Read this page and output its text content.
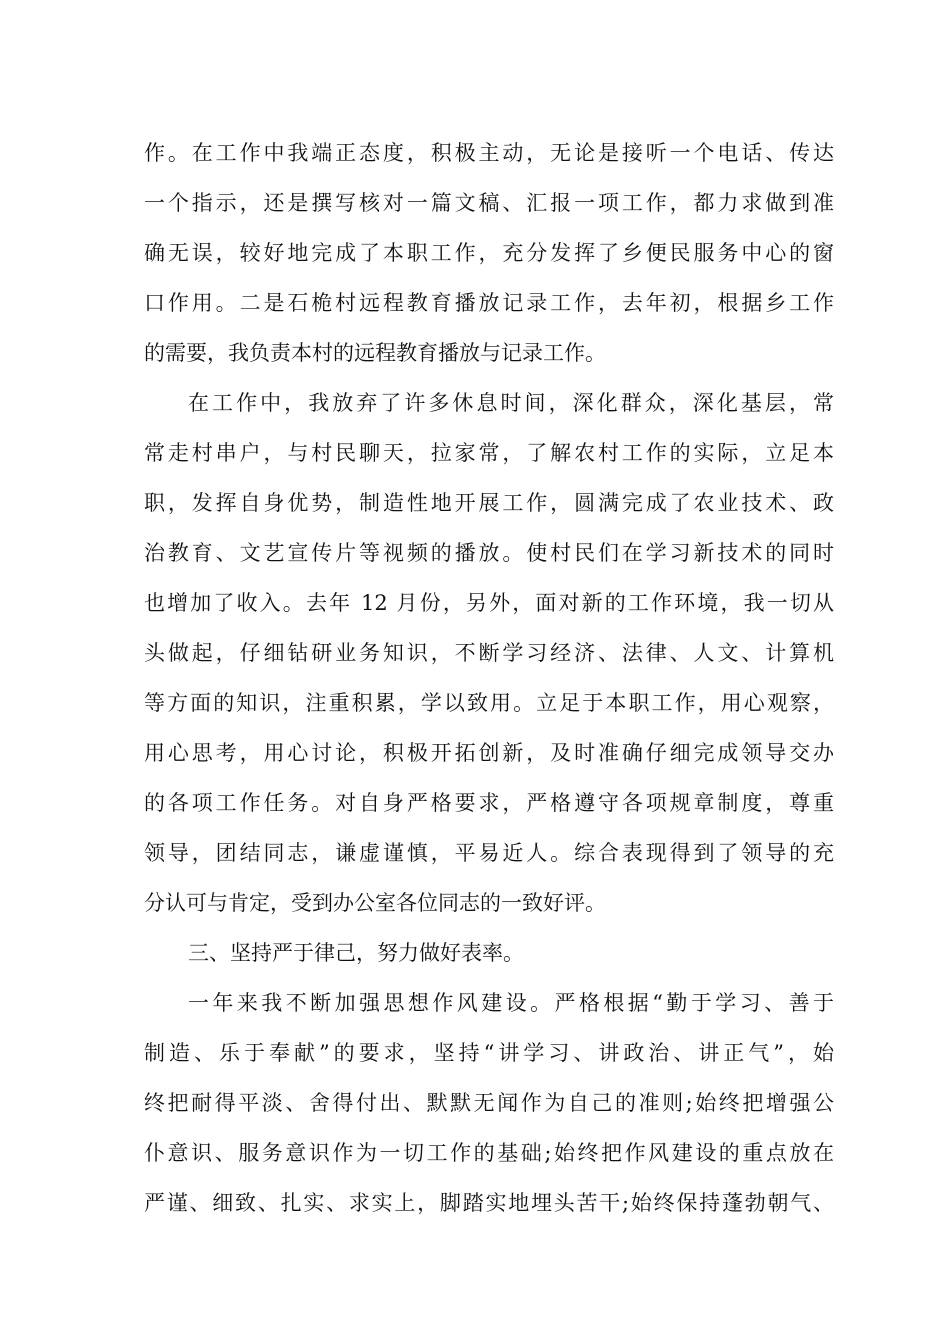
作。在工作中我端正态度，积极主动，无论是接听一个电话、传达
一个指示，还是撰写核对一篇文稿、汇报一项工作，都力求做到准
确无误，较好地完成了本职工作，充分发挥了乡便民服务中心的窗
口作用。二是石桅村远程教育播放记录工作，去年初，根据乡工作
的需要，我负责本村的远程教育播放与记录工作。
在工作中，我放弃了许多休息时间，深化群众，深化基层，常
常走村串户，与村民聊天，拉家常，了解农村工作的实际，立足本
职，发挥自身优势，制造性地开展工作，圆满完成了农业技术、政
治教育、文艺宣传片等视频的播放。使村民们在学习新技术的同时
也增加了收入。去年 12 月份，另外，面对新的工作环境，我一切从
头做起，仔细钻研业务知识，不断学习经济、法律、人文、计算机
等方面的知识，注重积累，学以致用。立足于本职工作，用心观察，
用心思考，用心讨论，积极开拓创新，及时准确仔细完成领导交办
的各项工作任务。对自身严格要求，严格遵守各项规章制度，尊重
领导，团结同志，谦虚谨慎，平易近人。综合表现得到了领导的充
分认可与肯定，受到办公室各位同志的一致好评。
三、坚持严于律己，努力做好表率。
一年来我不断加强思想作风建设。严格根据“勤于学习、善于
制造、乐于奉献”的要求，坚持“讲学习、讲政治、讲正气”，始
终把耐得平淡、舍得付出、默默无闻作为自己的准则;始终把增强公
仆意识、服务意识作为一切工作的基础;始终把作风建设的重点放在
严谨、细致、扎实、求实上，脚踏实地埋头苦干;始终保持蓬勃朝气、
